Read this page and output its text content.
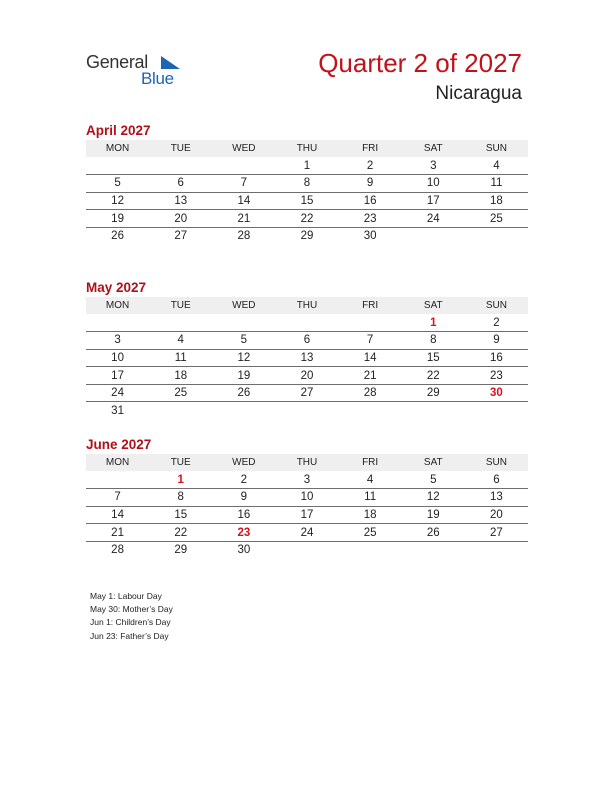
General
Blue
Quarter 2 of 2027
Nicaragua
April 2027
MON	TUE	WED	THU	FRI	SAT	SUN
			1	2	3	4
5	6	7	8	9	10	11
12	13	14	15	16	17	18
19	20	21	22	23	24	25
26	27	28	29	30		
May 2027
MON	TUE	WED	THU	FRI	SAT	SUN
					1	2
3	4	5	6	7	8	9
10	11	12	13	14	15	16
17	18	19	20	21	22	23
24	25	26	27	28	29	30
31						
June 2027
MON	TUE	WED	THU	FRI	SAT	SUN
	1	2	3	4	5	6
7	8	9	10	11	12	13
14	15	16	17	18	19	20
21	22	23	24	25	26	27
28	29	30				
May 1: Labour Day
May 30: Mother’s Day
Jun 1: Children’s Day
Jun 23: Father’s Day
